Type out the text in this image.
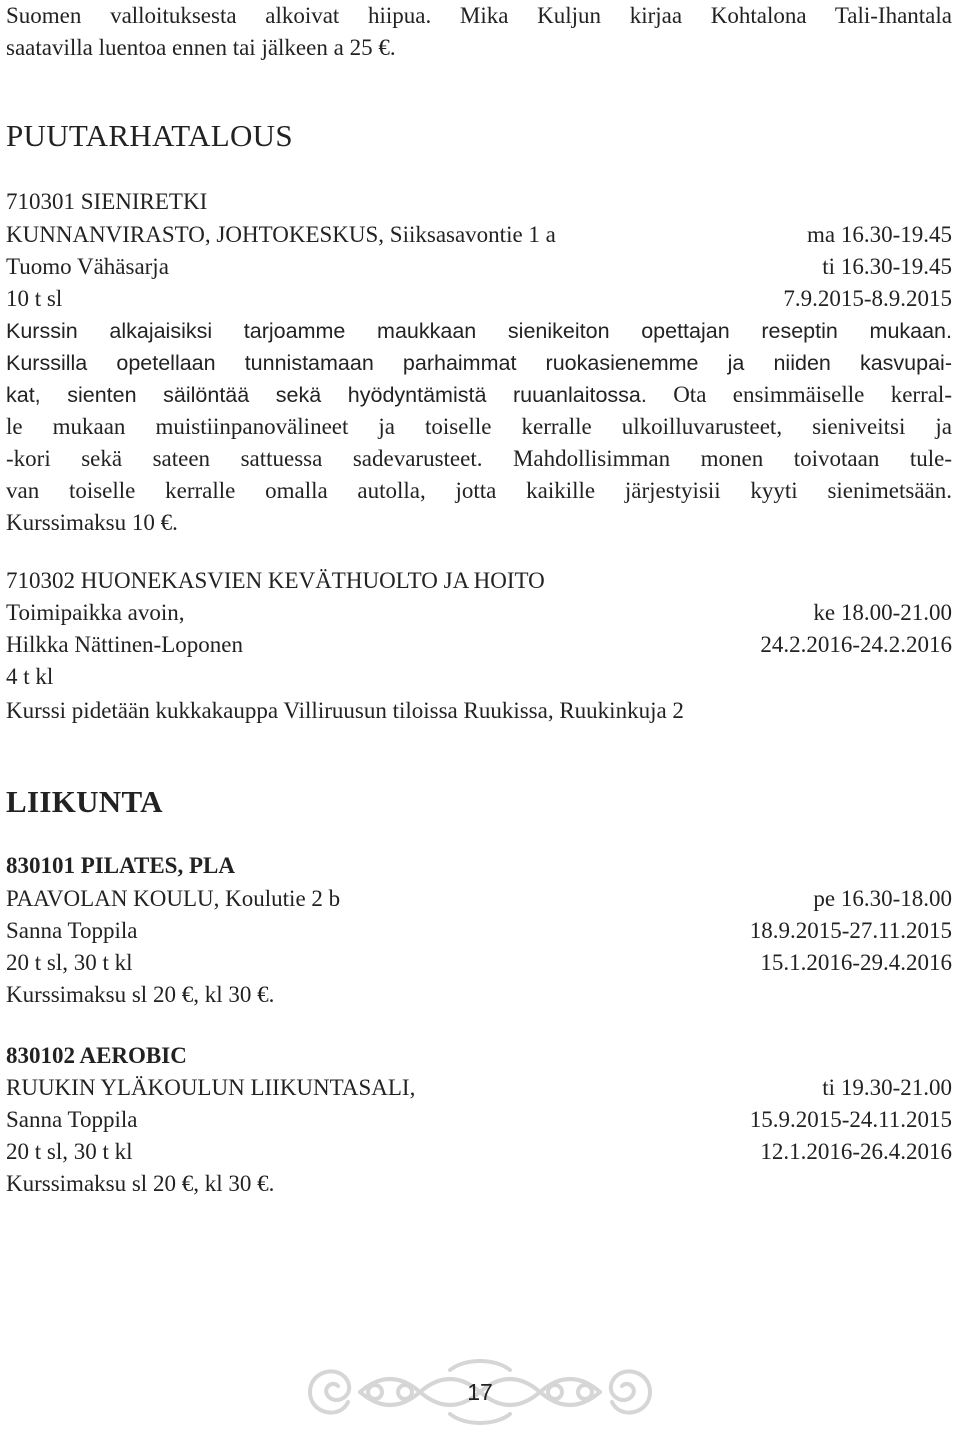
Suomen valloituksesta alkoivat hiipua. Mika Kuljun kirjaa Kohtalona Tali-Ihantala
saatavilla luentoa ennen tai jälkeen a 25 €.
PUUTARHATALOUS
710301 SIENIRETKI
KUNNANVIRASTO, JOHTOKESKUS, Siiksasavontie 1 a	ma 16.30-19.45
Tuomo Vähäsarja	ti 16.30-19.45
10 t sl	7.9.2015-8.9.2015
Kurssin alkajaisiksi tarjoamme maukkaan sienikeiton opettajan reseptin mukaan.
Kurssilla opetellaan tunnistamaan parhaimmat ruokasienemme ja niiden kasvupai-
kat, sienten säilöntää sekä hyödyntämistä ruuanlaitossa. Ota ensimmäiselle kerral-
le mukaan muistiinpanovälineet ja toiselle kerralle ulkoilluvarusteet, sieniveitsi ja
-kori sekä sateen sattuessa sadevarusteet. Mahdollisimman monen toivotaan tule-
van toiselle kerralle omalla autolla, jotta kaikille järjestyisii kyyti sienimetsään.
Kurssimaksu 10 €.
710302 HUONEKASVIEN KEVÄTHUOLTO JA HOITO
Toimipaikka avoin,	ke 18.00-21.00
Hilkka Nättinen-Loponen	24.2.2016-24.2.2016
4 t kl
Kurssi pidetään kukkakauppa Villiruusun tiloissa Ruukissa, Ruukinkuja 2
LIIKUNTA
830101 PILATES, PLA
PAAVOLAN KOULU, Koulutie 2 b	pe 16.30-18.00
Sanna Toppila	18.9.2015-27.11.2015
20 t sl, 30 t kl	15.1.2016-29.4.2016
Kurssimaksu sl 20 €, kl 30 €.
830102 AEROBIC
RUUKIN YLÄKOULUN LIIKUNTASALI,	ti 19.30-21.00
Sanna Toppila	15.9.2015-24.11.2015
20 t sl, 30 t kl	12.1.2016-26.4.2016
Kurssimaksu sl 20 €, kl 30 €.
17
